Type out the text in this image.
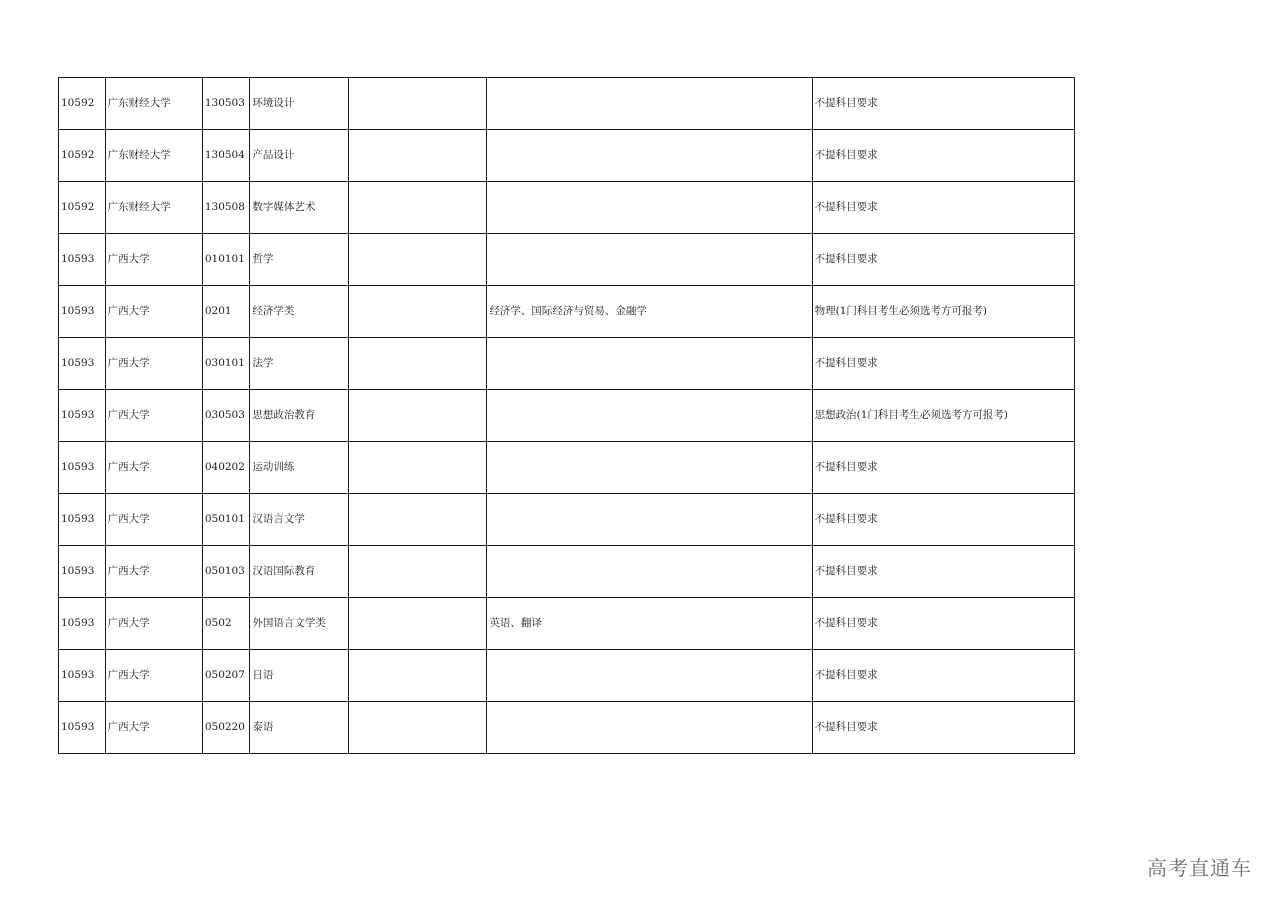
10592	广东财经大学	130503	环境设计			不提科目要求
10592	广东财经大学	130504	产品设计			不提科目要求
10592	广东财经大学	130508	数字媒体艺术			不提科目要求
10593	广西大学	010101	哲学			不提科目要求
10593	广西大学	0201	经济学类		经济学、国际经济与贸易、金融学	物理(1门科目考生必须选考方可报考)
10593	广西大学	030101	法学			不提科目要求
10593	广西大学	030503	思想政治教育			思想政治(1门科目考生必须选考方可报考)
10593	广西大学	040202	运动训练			不提科目要求
10593	广西大学	050101	汉语言文学			不提科目要求
10593	广西大学	050103	汉语国际教育			不提科目要求
10593	广西大学	0502	外国语言文学类		英语、翻译	不提科目要求
10593	广西大学	050207	日语			不提科目要求
10593	广西大学	050220	泰语			不提科目要求
高考直通车
